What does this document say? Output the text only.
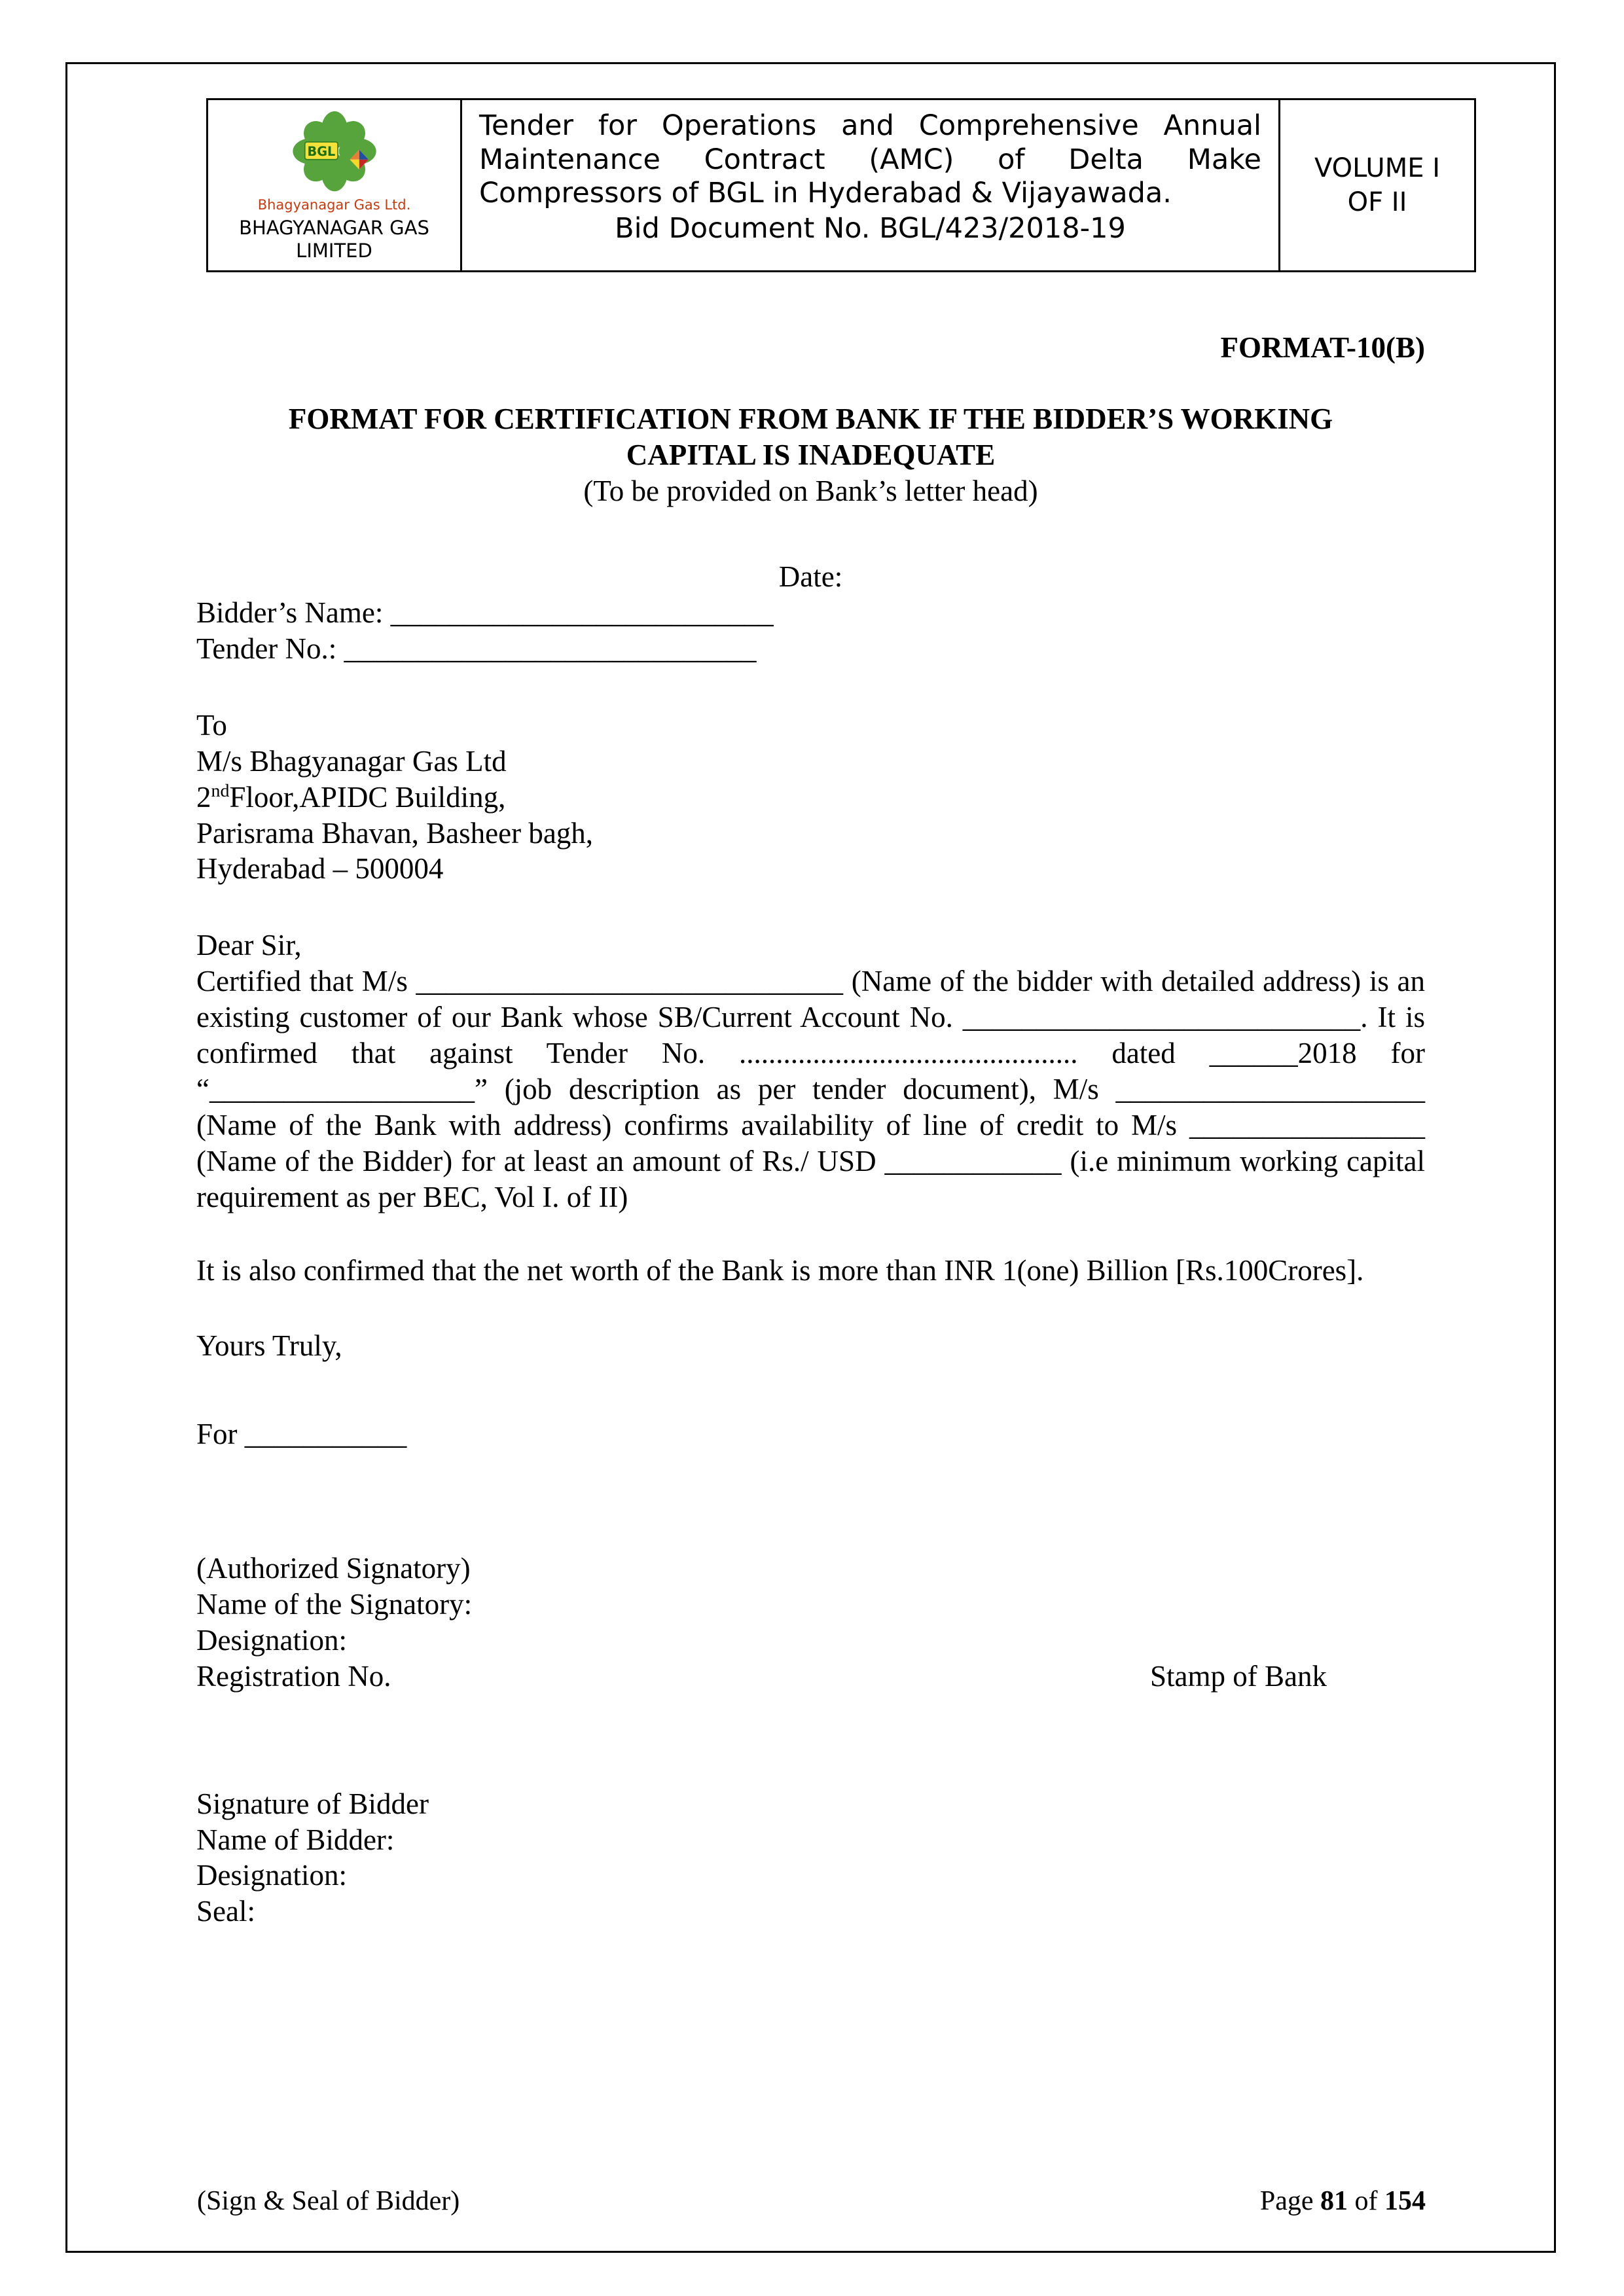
BGL
Bhagyanagar Gas Ltd.
BHAGYANAGAR GAS
LIMITED
Tender for Operations and Comprehensive Annual Maintenance Contract (AMC) of Delta Make Compressors of BGL in Hyderabad & Vijayawada.
Bid Document No. BGL/423/2018-19
VOLUME I
OF II

FORMAT-10(B)

FORMAT FOR CERTIFICATION FROM BANK IF THE BIDDER’S WORKING
CAPITAL IS INADEQUATE

(To be provided on Bank’s letter head)

Date:

Bidder’s Name: __________________________

Tender No.: ____________________________

To

M/s Bhagyanagar Gas Ltd

2ndFloor,APIDC Building,

Parisrama Bhavan, Basheer bagh,

Hyderabad – 500004

Dear Sir,

Certified that M/s _____________________________ (Name of the bidder with detailed address) is an existing customer of our Bank whose SB/Current Account No. ___________________________. It is confirmed that against Tender No. .............................................. dated ______2018 for “__________________” (job description as per tender document), M/s _____________________ (Name of the Bank with address) confirms availability of line of credit to M/s ________________ (Name of the Bidder) for at least an amount of Rs./ USD ____________ (i.e minimum working capital requirement as per BEC, Vol I. of II)

It is also confirmed that the net worth of the Bank is more than INR 1(one) Billion [Rs.100Crores].

Yours Truly,

For ___________

(Authorized Signatory)

Name of the Signatory:

Designation:

Registration No.	Stamp of Bank

Signature of Bidder

Name of Bidder:

Designation:

Seal:

(Sign & Seal of Bidder)	Page 81 of 154
